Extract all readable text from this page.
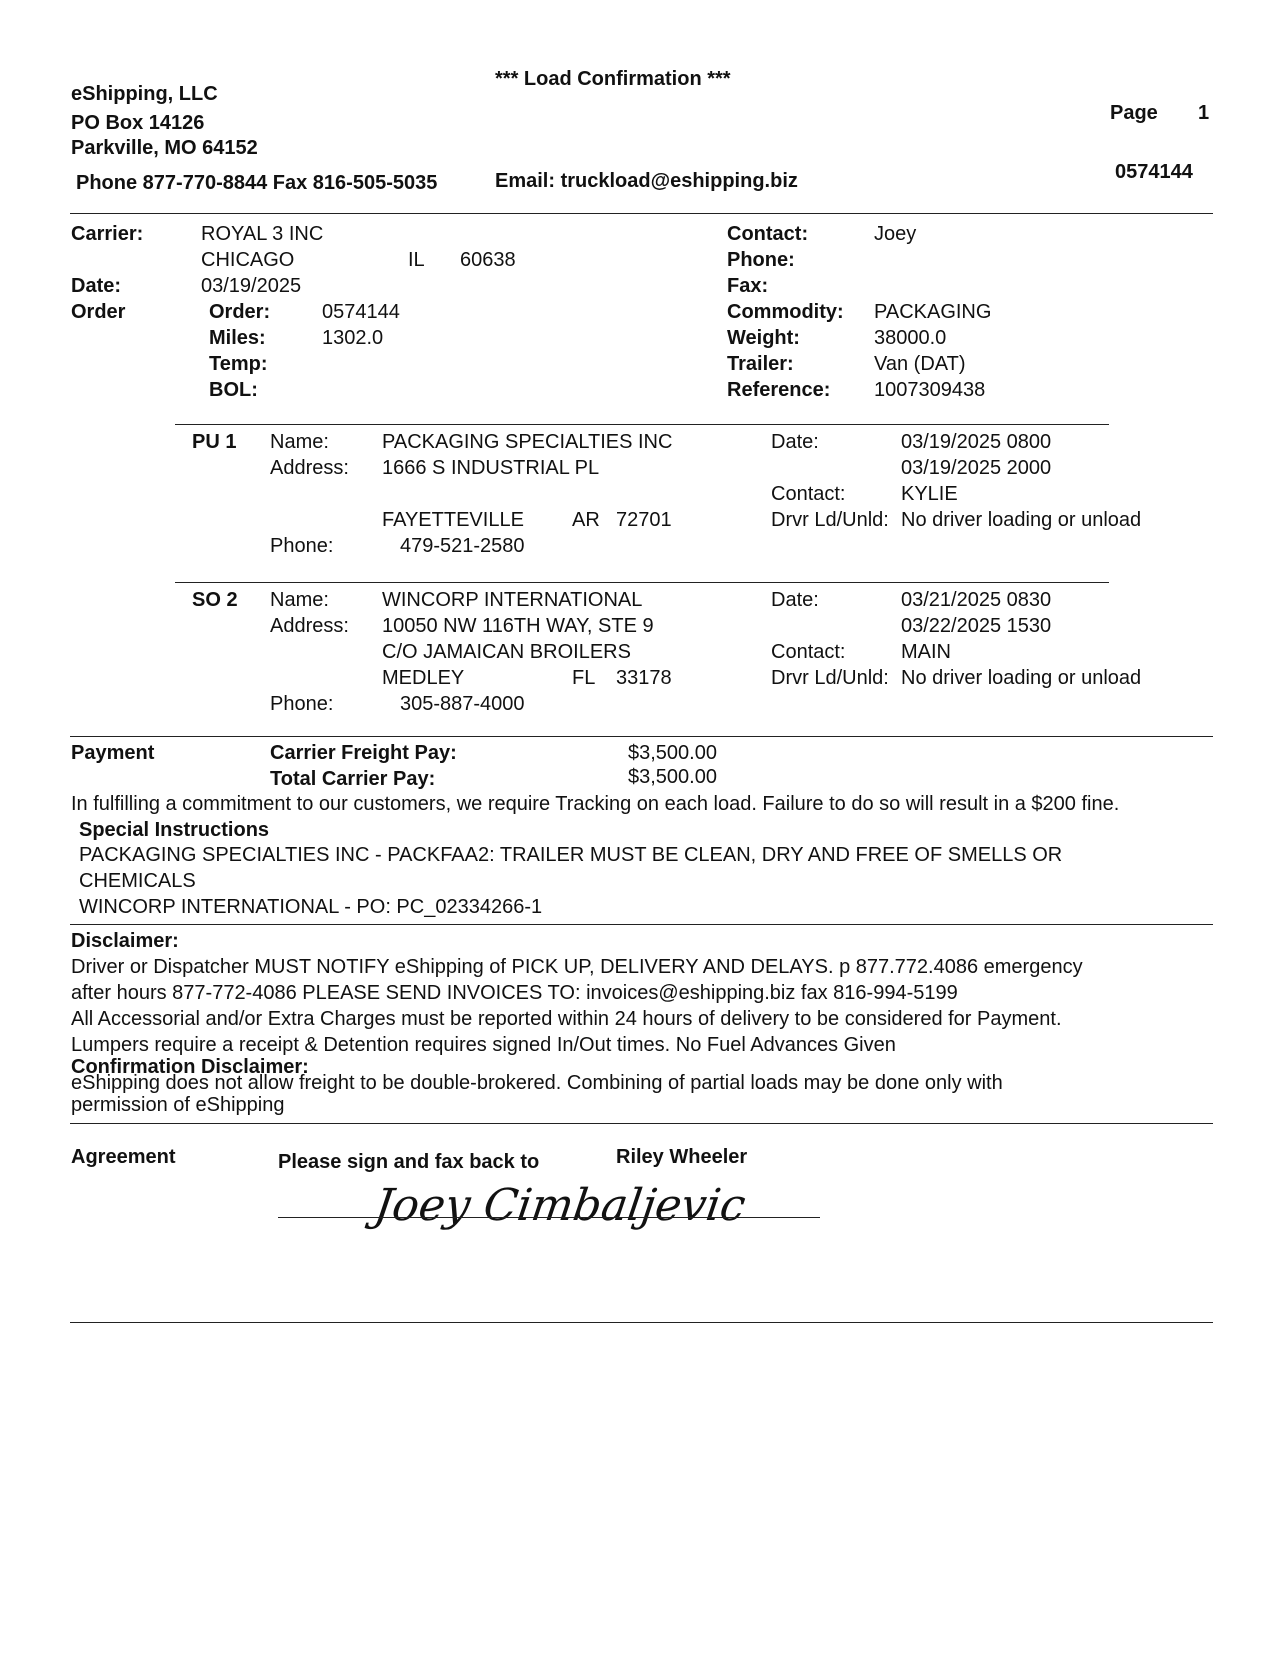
*** Load Confirmation ***
eShipping, LLC
PO Box 14126
Parkville, MO 64152
Phone 877-770-8844 Fax 816-505-5035	Email: truckload@eshipping.biz
Page 1
0574144
Carrier:	ROYAL 3 INC
CHICAGO	IL 60638
Date:	03/19/2025
Order	Order:	0574144
Miles:	1302.0
Temp:
BOL:
Contact:	Joey
Phone:
Fax:
Commodity: PACKAGING
Weight:	38000.0
Trailer:	Van (DAT)
Reference: 1007309438
PU 1 Name:	PACKAGING SPECIALTIES INC
Address: 1666 S INDUSTRIAL PL
FAYETTEVILLE AR 72701
Phone:	479-521-2580
Date:	03/19/2025 0800
03/19/2025 2000
Contact:	KYLIE
Drvr Ld/Unld: No driver loading or unload
SO 2 Name:	WINCORP INTERNATIONAL
Address: 10050 NW 116TH WAY, STE 9
C/O JAMAICAN BROILERS
MEDLEY	FL 33178
Phone:	305-887-4000
Date:	03/21/2025 0830
03/22/2025 1530
Contact:	MAIN
Drvr Ld/Unld: No driver loading or unload
Payment	Carrier Freight Pay:	$3,500.00
Total Carrier Pay:	$3,500.00
In fulfilling a commitment to our customers, we require Tracking on each load. Failure to do so will result in a $200 fine.
Special Instructions
PACKAGING SPECIALTIES INC - PACKFAA2: TRAILER MUST BE CLEAN, DRY AND FREE OF SMELLS OR
CHEMICALS
WINCORP INTERNATIONAL - PO: PC_02334266-1
Disclaimer:
Driver or Dispatcher MUST NOTIFY eShipping of PICK UP, DELIVERY AND DELAYS. p 877.772.4086 emergency
after hours 877-772-4086 PLEASE SEND INVOICES TO: invoices@eshipping.biz fax 816-994-5199
All Accessorial and/or Extra Charges must be reported within 24 hours of delivery to be considered for Payment.
Lumpers require a receipt & Detention requires signed In/Out times. No Fuel Advances Given
Confirmation Disclaimer:
eShipping does not allow freight to be double-brokered. Combining of partial loads may be done only with
permission of eShipping
Agreement	Please sign and fax back to	Riley Wheeler
Joey Cimbaljevic
